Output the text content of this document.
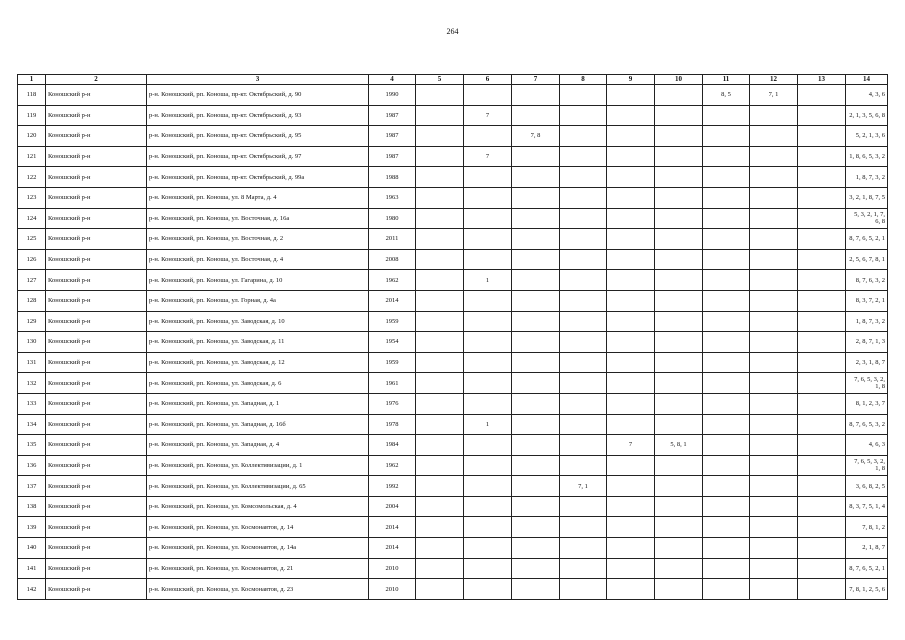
264
1	2	3	4	5	6	7	8	9	10	11	12	13	14
118	Коношский р-н	р-н. Коношский, рп. Коноша, пр-кт. Октябрьский, д. 90	1990							8, 5	7, 1		4, 3, 6
119	Коношский р-н	р-н. Коношский, рп. Коноша, пр-кт. Октябрьский, д. 93	1987		7								2, 1, 3, 5, 6, 8
120	Коношский р-н	р-н. Коношский, рп. Коноша, пр-кт. Октябрьский, д. 95	1987			7, 8							5, 2, 1, 3, 6
121	Коношский р-н	р-н. Коношский, рп. Коноша, пр-кт. Октябрьский, д. 97	1987		7								1, 8, 6, 5, 3, 2
122	Коношский р-н	р-н. Коношский, рп. Коноша, пр-кт. Октябрьский, д. 99а	1988										1, 8, 7, 3, 2
123	Коношский р-н	р-н. Коношский, рп. Коноша, ул. 8 Марта, д. 4	1963										3, 2, 1, 8, 7, 5
124	Коношский р-н	р-н. Коношский, рп. Коноша, ул. Восточная, д. 16а	1980										5, 3, 2, 1, 7, 6, 8
125	Коношский р-н	р-н. Коношский, рп. Коноша, ул. Восточная, д. 2	2011										8, 7, 6, 5, 2, 1
126	Коношский р-н	р-н. Коношский, рп. Коноша, ул. Восточная, д. 4	2008										2, 5, 6, 7, 8, 1
127	Коношский р-н	р-н. Коношский, рп. Коноша, ул. Гагарина, д. 10	1962		1								8, 7, 6, 3, 2
128	Коношский р-н	р-н. Коношский, рп. Коноша, ул. Горная, д. 4а	2014										8, 3, 7, 2, 1
129	Коношский р-н	р-н. Коношский, рп. Коноша, ул. Заводская, д. 10	1959										1, 8, 7, 3, 2
130	Коношский р-н	р-н. Коношский, рп. Коноша, ул. Заводская, д. 11	1954										2, 8, 7, 1, 3
131	Коношский р-н	р-н. Коношский, рп. Коноша, ул. Заводская, д. 12	1959										2, 3, 1, 8, 7
132	Коношский р-н	р-н. Коношский, рп. Коноша, ул. Заводская, д. 6	1961										7, 6, 5, 3, 2, 1, 8
133	Коношский р-н	р-н. Коношский, рп. Коноша, ул. Западная, д. 1	1976										8, 1, 2, 3, 7
134	Коношский р-н	р-н. Коношский, рп. Коноша, ул. Западная, д. 16б	1978		1								8, 7, 6, 5, 3, 2
135	Коношский р-н	р-н. Коношский, рп. Коноша, ул. Западная, д. 4	1984					7	5, 8, 1				4, 6, 3
136	Коношский р-н	р-н. Коношский, рп. Коноша, ул. Коллективизации, д. 1	1962										7, 6, 5, 3, 2, 1, 8
137	Коношский р-н	р-н. Коношский, рп. Коноша, ул. Коллективизации, д. 65	1992				7, 1						3, 6, 8, 2, 5
138	Коношский р-н	р-н. Коношский, рп. Коноша, ул. Комсомольская, д. 4	2004										8, 3, 7, 5, 1, 4
139	Коношский р-н	р-н. Коношский, рп. Коноша, ул. Космонавтов, д. 14	2014										7, 8, 1, 2
140	Коношский р-н	р-н. Коношский, рп. Коноша, ул. Космонавтов, д. 14а	2014										2, 1, 8, 7
141	Коношский р-н	р-н. Коношский, рп. Коноша, ул. Космонавтов, д. 21	2010										8, 7, 6, 5, 2, 1
142	Коношский р-н	р-н. Коношский, рп. Коноша, ул. Космонавтов, д. 23	2010										7, 8, 1, 2, 5, 6
